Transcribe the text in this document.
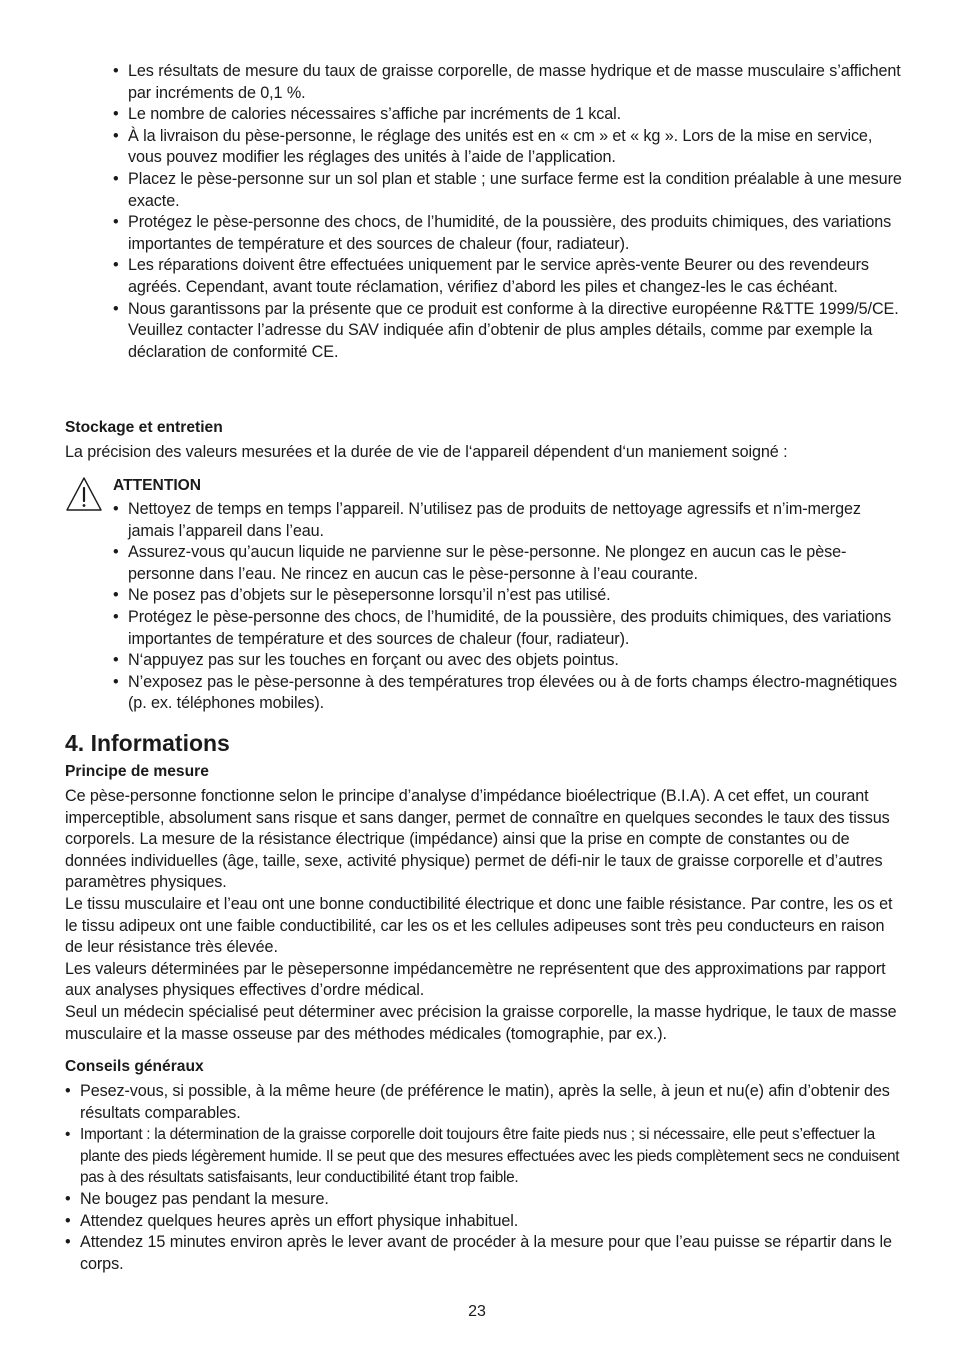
• Les résultats de mesure du taux de graisse corporelle, de masse hydrique et de masse musculaire s’affichent par incréments de 0,1 %.
• Le nombre de calories nécessaires s’affiche par incréments de 1 kcal.
• À la livraison du pèse-personne, le réglage des unités est en « cm » et « kg ». Lors de la mise en service, vous pouvez modifier les réglages des unités à l’aide de l’application.
• Placez le pèse-personne sur un sol plan et stable ; une surface ferme est la condition préalable à une mesure exacte.
• Protégez le pèse-personne des chocs, de l’humidité, de la poussière, des produits chimiques, des variations importantes de température et des sources de chaleur (four, radiateur).
• Les réparations doivent être effectuées uniquement par le service après-vente Beurer ou des revendeurs agréés. Cependant, avant toute réclamation, vérifiez d’abord les piles et changez-les le cas échéant.
• Nous garantissons par la présente que ce produit est conforme à la directive européenne R&TTE 1999/5/CE.
Veuillez contacter l’adresse du SAV indiquée afin d’obtenir de plus amples détails, comme par exemple la déclaration de conformité CE.
Stockage et entretien
La précision des valeurs mesurées et la durée de vie de l‘appareil dépendent d‘un maniement soigné :
ATTENTION
• Nettoyez de temps en temps l’appareil. N’utilisez pas de produits de nettoyage agressifs et n’im-mergez jamais l’appareil dans l’eau.
• Assurez-vous qu’aucun liquide ne parvienne sur le pèse-personne. Ne plongez en aucun cas le pèse-personne dans l’eau. Ne rincez en aucun cas le pèse-personne à l’eau courante.
• Ne posez pas d’objets sur le pèsepersonne lorsqu’il n’est pas utilisé.
• Protégez le pèse-personne des chocs, de l’humidité, de la poussière, des produits chimiques, des variations importantes de température et des sources de chaleur (four, radiateur).
• N‘appuyez pas sur les touches en forçant ou avec des objets pointus.
• N’exposez pas le pèse-personne à des températures trop élevées ou à de forts champs électro-magnétiques (p. ex. téléphones mobiles).
4. Informations
Principe de mesure

Ce pèse-personne fonctionne selon le principe d’analyse d’impédance bioélectrique (B.I.A). A cet effet, un courant imperceptible, absolument sans risque et sans danger, permet de connaître en quelques secondes le taux des tissus corporels. La mesure de la résistance électrique (impédance) ainsi que la prise en compte de constantes ou de données individuelles (âge, taille, sexe, activité physique) permet de défi-nir le taux de graisse corporelle et d’autres paramètres physiques.

Le tissu musculaire et l’eau ont une bonne conductibilité électrique et donc une faible résistance. Par contre, les os et le tissu adipeux ont une faible conductibilité, car les os et les cellules adipeuses sont très peu conducteurs en raison de leur résistance très élevée.

Les valeurs déterminées par le pèsepersonne impédancemètre ne représentent que des approximations par rapport aux analyses physiques effectives d’ordre médical.

Seul un médecin spécialisé peut déterminer avec précision la graisse corporelle, la masse hydrique, le taux de masse musculaire et la masse osseuse par des méthodes médicales (tomographie, par ex.).

Conseils généraux
• Pesez-vous, si possible, à la même heure (de préférence le matin), après la selle, à jeun et nu(e) afin d’obtenir des résultats comparables.
• Important : la détermination de la graisse corporelle doit toujours être faite pieds nus ; si nécessaire, elle peut s’effectuer la plante des pieds légèrement humide. Il se peut que des mesures effectuées avec les pieds complètement secs ne conduisent pas à des résultats satisfaisants, leur conductibilité étant trop faible.
• Ne bougez pas pendant la mesure.
• Attendez quelques heures après un effort physique inhabituel.
• Attendez 15 minutes environ après le lever avant de procéder à la mesure pour que l’eau puisse se répartir dans le corps.
23
